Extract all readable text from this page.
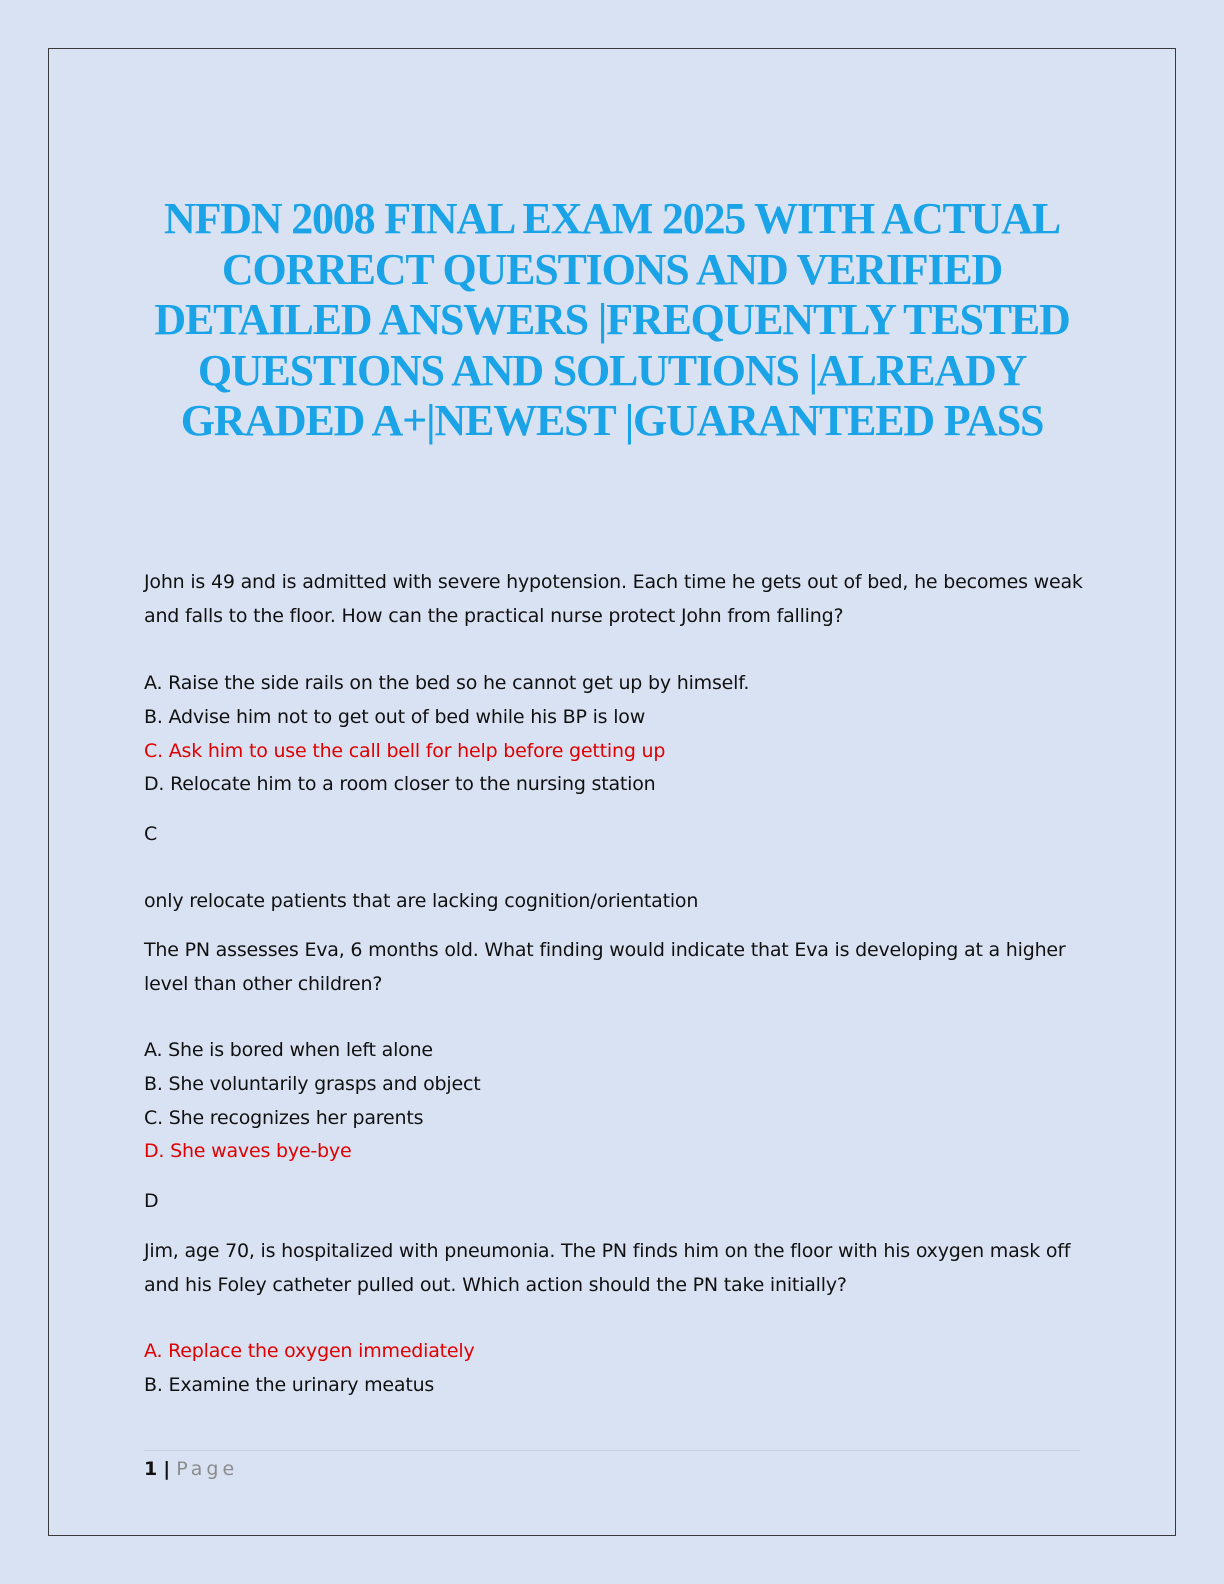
NFDN 2008 FINAL EXAM 2025 WITH ACTUAL CORRECT QUESTIONS AND VERIFIED DETAILED ANSWERS |FREQUENTLY TESTED QUESTIONS AND SOLUTIONS |ALREADY GRADED A+|NEWEST |GUARANTEED PASS

John is 49 and is admitted with severe hypotension. Each time he gets out of bed, he becomes weak and falls to the floor. How can the practical nurse protect John from falling?

A. Raise the side rails on the bed so he cannot get up by himself.
B. Advise him not to get out of bed while his BP is low
C. Ask him to use the call bell for help before getting up
D. Relocate him to a room closer to the nursing station
C
only relocate patients that are lacking cognition/orientation

The PN assesses Eva, 6 months old. What finding would indicate that Eva is developing at a higher level than other children?

A. She is bored when left alone
B. She voluntarily grasps and object
C. She recognizes her parents
D. She waves bye-bye
D

Jim, age 70, is hospitalized with pneumonia. The PN finds him on the floor with his oxygen mask off and his Foley catheter pulled out. Which action should the PN take initially?

A. Replace the oxygen immediately
B. Examine the urinary meatus
1 | Page
